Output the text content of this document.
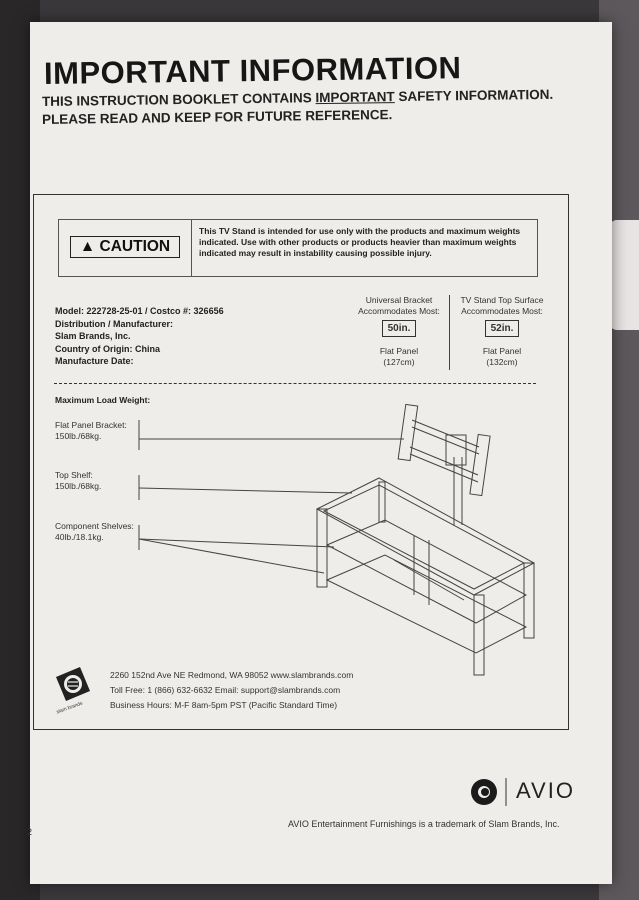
IMPORTANT INFORMATION
THIS INSTRUCTION BOOKLET CONTAINS IMPORTANT SAFETY INFORMATION.
PLEASE READ AND KEEP FOR FUTURE REFERENCE.
▲ CAUTION
This TV Stand is intended for use only with the products and maximum weights
indicated. Use with other products or products heavier than maximum weights
indicated may result in instability causing possible injury.
Model: 222728-25-01 / Costco #: 326656
Distribution / Manufacturer:
Slam Brands, Inc.
Country of Origin: China
Manufacture Date:
Universal Bracket
Accommodates Most:
50in.
Flat Panel
(127cm)
TV Stand Top Surface
Accommodates Most:
52in.
Flat Panel
(132cm)
Maximum Load Weight:
Flat Panel Bracket:
150lb./68kg.
Top Shelf:
150lb./68kg.
Component Shelves:
40lb./18.1kg.
slam brands
2260 152nd Ave NE Redmond, WA 98052 www.slambrands.com
Toll Free: 1 (866) 632-6632 Email: support@slambrands.com
Business Hours: M-F 8am-5pm PST (Pacific Standard Time)
AVIO
AVIO Entertainment Furnishings is a trademark of Slam Brands, Inc.
2
